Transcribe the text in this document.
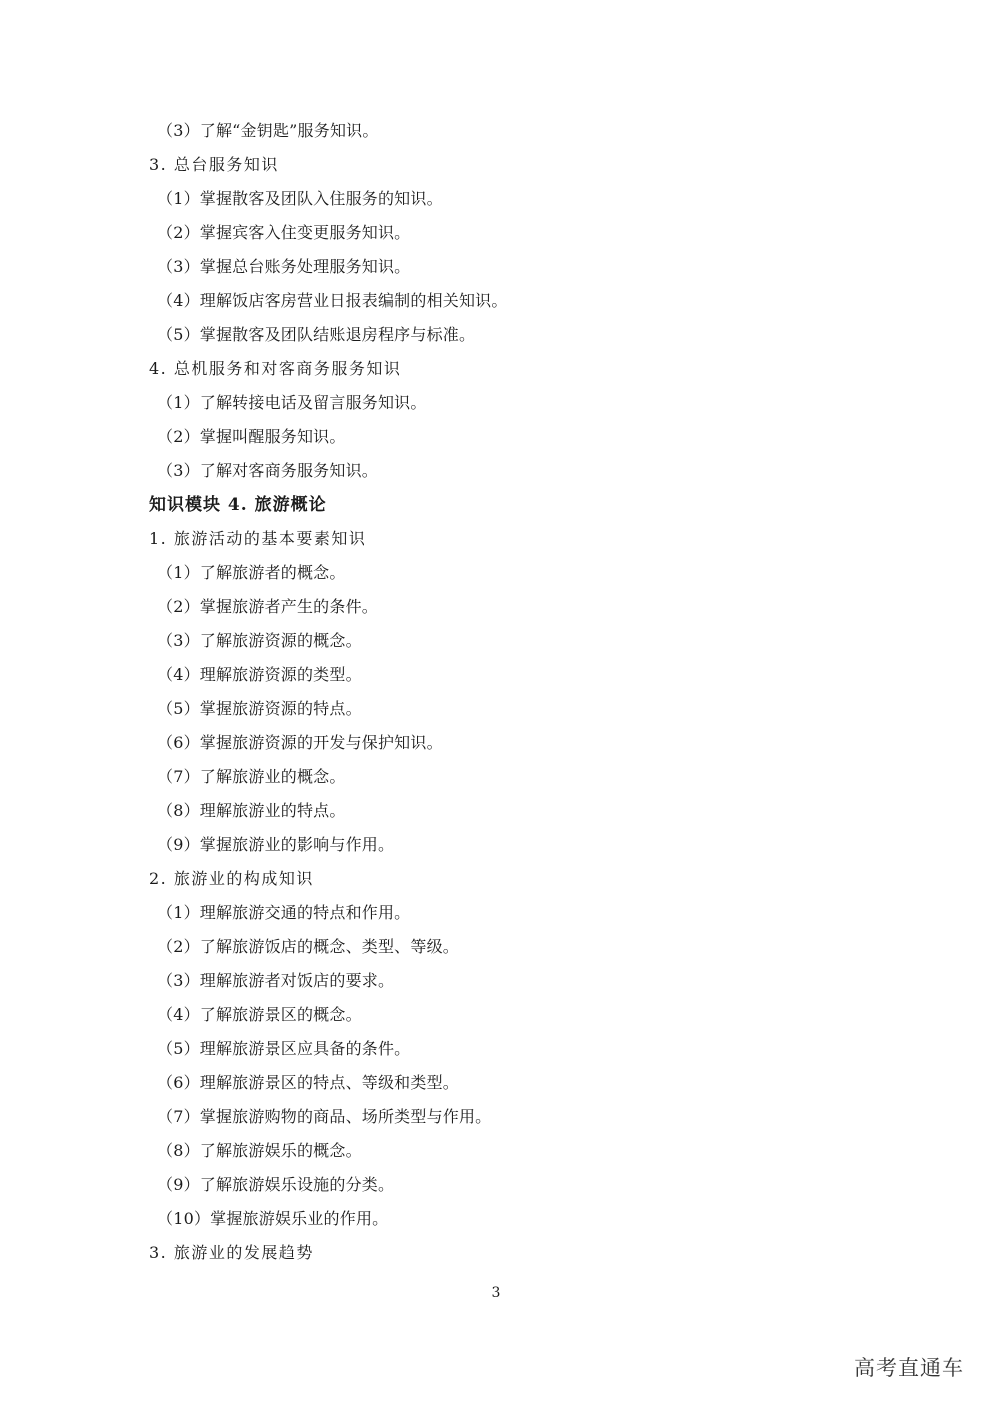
（3）了解“金钥匙”服务知识。
3. 总台服务知识
（1）掌握散客及团队入住服务的知识。
（2）掌握宾客入住变更服务知识。
（3）掌握总台账务处理服务知识。
（4）理解饭店客房营业日报表编制的相关知识。
（5）掌握散客及团队结账退房程序与标准。
4. 总机服务和对客商务服务知识
（1）了解转接电话及留言服务知识。
（2）掌握叫醒服务知识。
（3）了解对客商务服务知识。
知识模块 4. 旅游概论
1. 旅游活动的基本要素知识
（1）了解旅游者的概念。
（2）掌握旅游者产生的条件。
（3）了解旅游资源的概念。
（4）理解旅游资源的类型。
（5）掌握旅游资源的特点。
（6）掌握旅游资源的开发与保护知识。
（7）了解旅游业的概念。
（8）理解旅游业的特点。
（9）掌握旅游业的影响与作用。
2. 旅游业的构成知识
（1）理解旅游交通的特点和作用。
（2）了解旅游饭店的概念、类型、等级。
（3）理解旅游者对饭店的要求。
（4）了解旅游景区的概念。
（5）理解旅游景区应具备的条件。
（6）理解旅游景区的特点、等级和类型。
（7）掌握旅游购物的商品、场所类型与作用。
（8）了解旅游娱乐的概念。
（9）了解旅游娱乐设施的分类。
（10）掌握旅游娱乐业的作用。
3. 旅游业的发展趋势
3
高考直通车
